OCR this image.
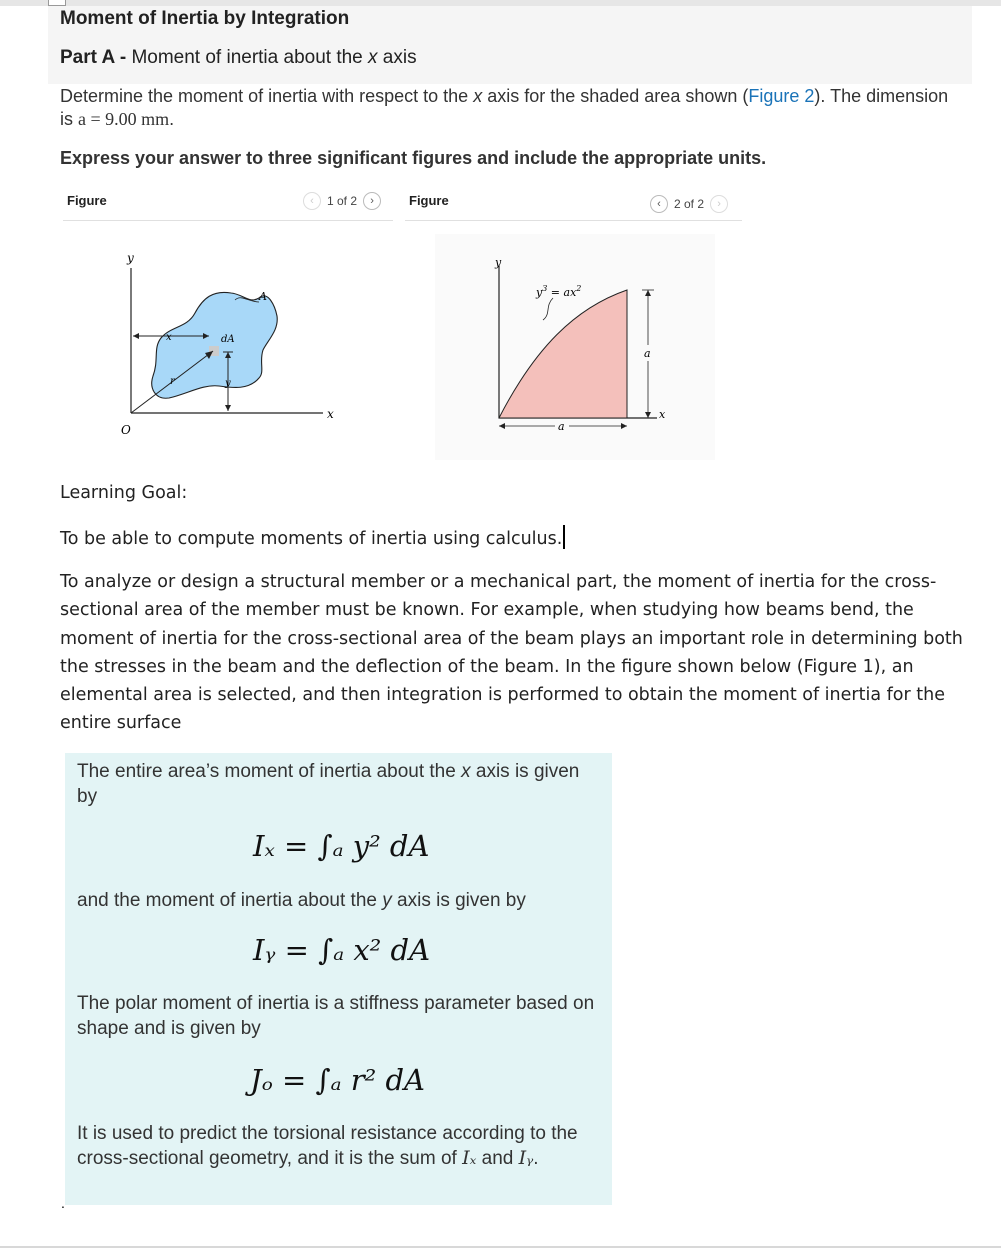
Moment of Inertia by Integration
Part A - Moment of inertia about the x axis
Determine the moment of inertia with respect to the x axis for the shaded area shown (Figure 2). The dimension is a = 9.00 mm.
Express your answer to three significant figures and include the appropriate units.
Figure	‹	1 of 2	›
y
x
O
A
dA
x
r	y
Figure	‹	2 of 2	›
y
x
$y^3 = ax^2$
a
a
Learning Goal:
To be able to compute moments of inertia using calculus.
To analyze or design a structural member or a mechanical part, the moment of inertia for the cross-sectional area of the member must be known. For example, when studying how beams bend, the moment of inertia for the cross-sectional area of the beam plays an important role in determining both the stresses in the beam and the deflection of the beam. In the figure shown below (Figure 1), an elemental area is selected, and then integration is performed to obtain the moment of inertia for the entire surface
The entire area’s moment of inertia about the x axis is given by
Iₓ = ∫ₐ y² dA
and the moment of inertia about the y axis is given by
Iᵧ = ∫ₐ x² dA
The polar moment of inertia is a stiffness parameter based on shape and is given by
Jₒ = ∫ₐ r² dA
It is used to predict the torsional resistance according to the cross-sectional geometry, and it is the sum of Iₓ and Iᵧ.
.
